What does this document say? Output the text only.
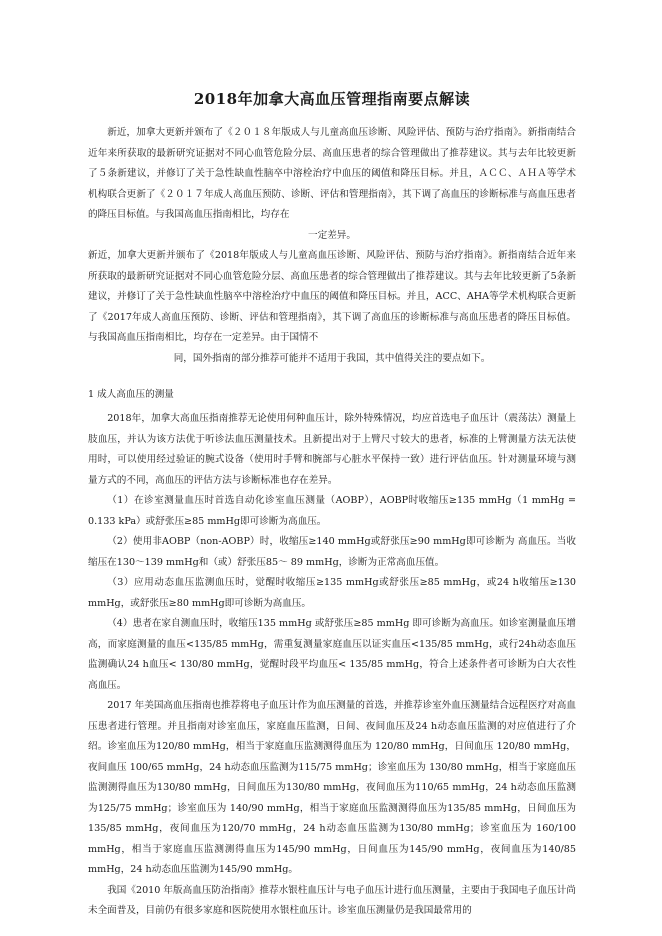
2018年加拿大高血压管理指南要点解读

新近，加拿大更新并颁布了《２０１８年版成人与儿童高血压诊断、风险评估、预防与治疗指南》。新指南结合近年来所获取的最新研究证据对不同心血管危险分层、高血压患者的综合管理做出了推荐建议。其与去年比较更新了５条新建议，并修订了关于急性缺血性脑卒中溶栓治疗中血压的阈值和降压目标。并且，ＡＣＣ、ＡＨＡ等学术机构联合更新了《２０１７年成人高血压预防、诊断、评估和管理指南》，其下调了高血压的诊断标准与高血压患者的降压目标值。与我国高血压指南相比，均存在

一定差异。

新近，加拿大更新并颁布了《2018年版成人与儿童高血压诊断、风险评估、预防与治疗指南》。新指南结合近年来所获取的最新研究证据对不同心血管危险分层、高血压患者的综合管理做出了推荐建议。其与去年比较更新了5条新建议，并修订了关于急性缺血性脑卒中溶栓治疗中血压的阈值和降压目标。并且，ACC、AHA等学术机构联合更新了《2017年成人高血压预防、诊断、评估和管理指南》，其下调了高血压的诊断标准与高血压患者的降压目标值。与我国高血压指南相比，均存在一定差异。由于国情不

同，国外指南的部分推荐可能并不适用于我国，其中值得关注的要点如下。

1 成人高血压的测量

2018年，加拿大高血压指南推荐无论使用何种血压计，除外特殊情况，均应首选电子血压计（震荡法）测量上肢血压，并认为该方法优于听诊法血压测量技术。且新提出对于上臂尺寸较大的患者，标准的上臂测量方法无法使用时，可以使用经过验证的腕式设备（使用时手臂和腕部与心脏水平保持一致）进行评估血压。针对测量环境与测量方式的不同，高血压的评估方法与诊断标准也存在差异。

（1）在诊室测量血压时首选自动化诊室血压测量（AOBP），AOBP时收缩压≥135 mmHg（1 mmHg = 0.133 kPa）或舒张压≥85 mmHg即可诊断为高血压。

（2）使用非AOBP（non-AOBP）时，收缩压≥140 mmHg或舒张压≥90 mmHg即可诊断为 高血压。当收缩压在130～139 mmHg和（或）舒张压85～ 89 mmHg，诊断为正常高血压值。

（3）应用动态血压监测血压时，觉醒时收缩压≥135 mmHg或舒张压≥85 mmHg，或24 h收缩压≥130 mmHg，或舒张压≥80 mmHg即可诊断为高血压。

（4）患者在家自测血压时，收缩压135 mmHg 或舒张压≥85 mmHg 即可诊断为高血压。如诊室测量血压增高，而家庭测量的血压<135/85 mmHg，需重复测量家庭血压以证实血压<135/85 mmHg，或行24h动态血压监测确认24 h血压< 130/80 mmHg，觉醒时段平均血压< 135/85 mmHg，符合上述条件者可诊断为白大衣性高血压。

2017 年美国高血压指南也推荐将电子血压计作为血压测量的首选，并推荐诊室外血压测量结合远程医疗对高血压患者进行管理。并且指南对诊室血压，家庭血压监测，日间、夜间血压及24 h动态血压监测的对应值进行了介绍。诊室血压为120/80 mmHg，相当于家庭血压监测测得血压为 120/80 mmHg，日间血压 120/80 mmHg，夜间血压 100/65 mmHg，24 h动态血压监测为115/75 mmHg；诊室血压为 130/80 mmHg，相当于家庭血压监测测得血压为130/80 mmHg，日间血压为130/80 mmHg，夜间血压为110/65 mmHg，24 h动态血压监测为125/75 mmHg；诊室血压为 140/90 mmHg，相当于家庭血压监测测得血压为135/85 mmHg，日间血压为135/85 mmHg，夜间血压为120/70 mmHg，24 h动态血压监测为130/80 mmHg；诊室血压为 160/100 mmHg，相当于家庭血压监测测得血压为145/90 mmHg，日间血压为145/90 mmHg，夜间血压为140/85 mmHg，24 h动态血压监测为145/90 mmHg。

我国《2010 年版高血压防治指南》推荐水银柱血压计与电子血压计进行血压测量，主要由于我国电子血压计尚未全面普及，目前仍有很多家庭和医院使用水银柱血压计。诊室血压测量仍是我国最常用的
